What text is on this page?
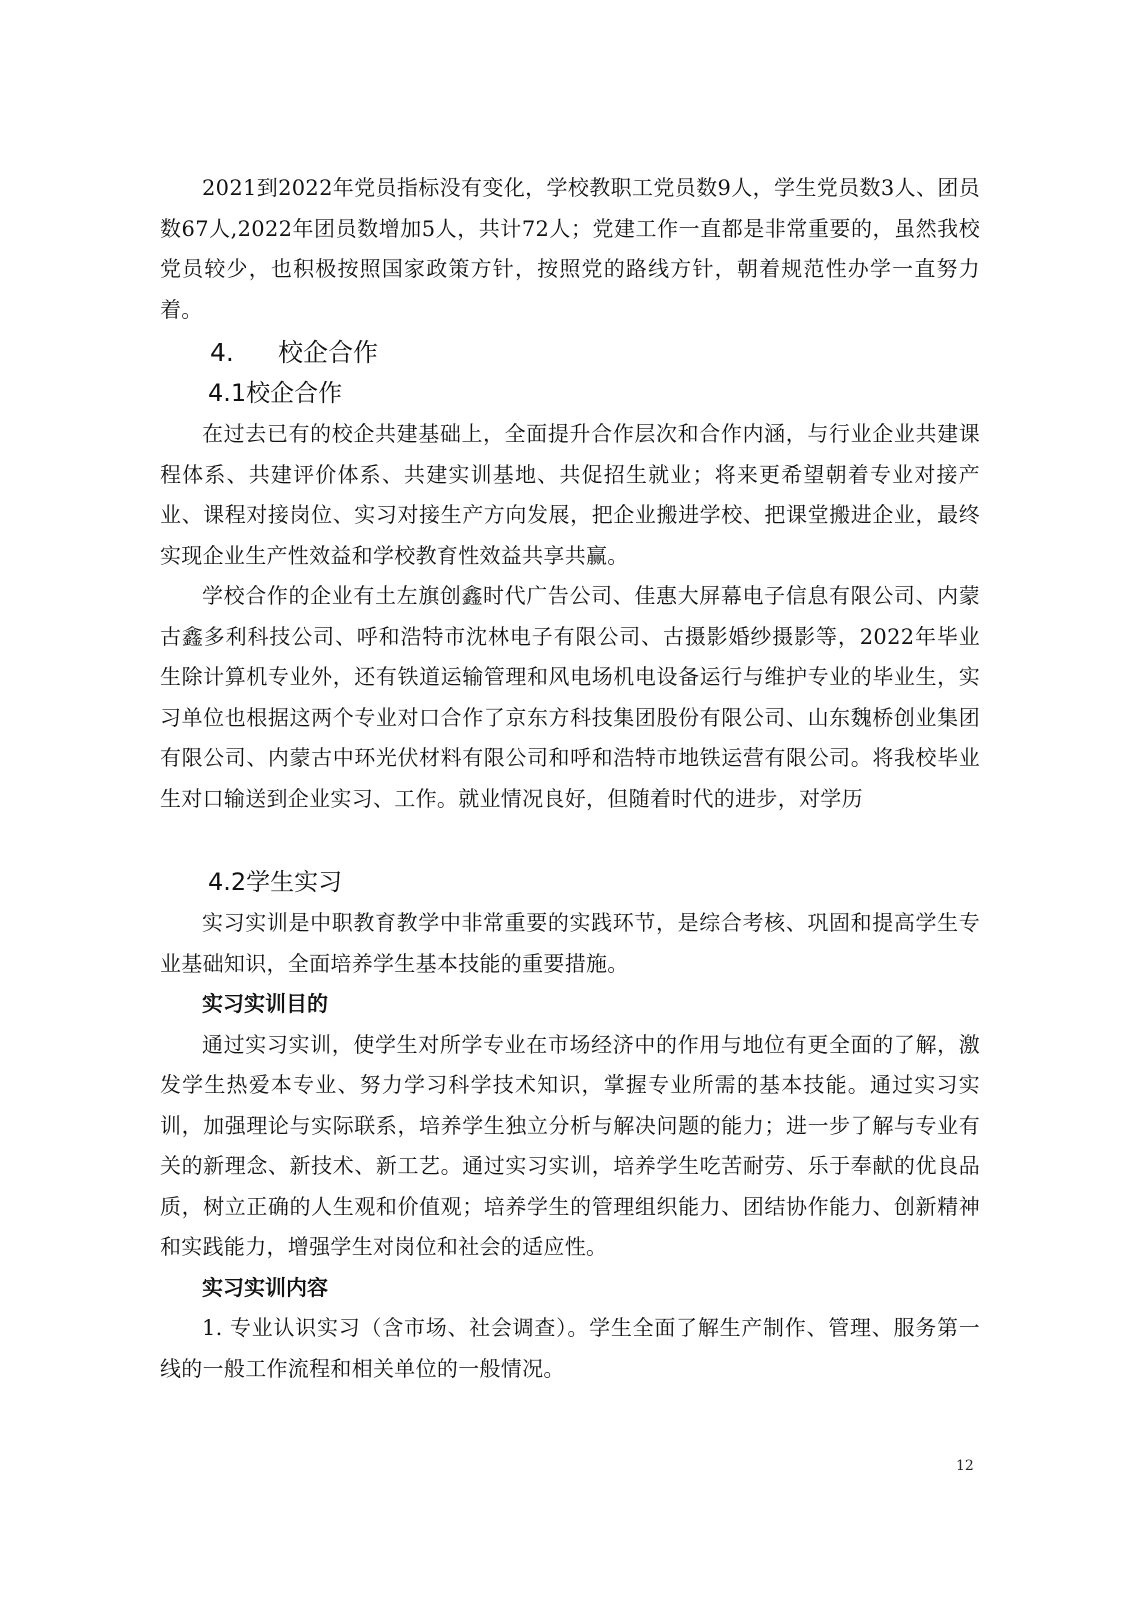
2021到2022年党员指标没有变化，学校教职工党员数9人，学生党员数3人、团员数67人,2022年团员数增加5人，共计72人；党建工作一直都是非常重要的，虽然我校党员较少，也积极按照国家政策方针，按照党的路线方针，朝着规范性办学一直努力着。

4.	校企合作
4.1校企合作

在过去已有的校企共建基础上，全面提升合作层次和合作内涵，与行业企业共建课程体系、共建评价体系、共建实训基地、共促招生就业；将来更希望朝着专业对接产业、课程对接岗位、实习对接生产方向发展，把企业搬进学校、把课堂搬进企业，最终实现企业生产性效益和学校教育性效益共享共赢。

学校合作的企业有土左旗创鑫时代广告公司、佳惠大屏幕电子信息有限公司、内蒙古鑫多利科技公司、呼和浩特市沈林电子有限公司、古摄影婚纱摄影等，2022年毕业生除计算机专业外，还有铁道运输管理和风电场机电设备运行与维护专业的毕业生，实习单位也根据这两个专业对口合作了京东方科技集团股份有限公司、山东魏桥创业集团有限公司、内蒙古中环光伏材料有限公司和呼和浩特市地铁运营有限公司。将我校毕业生对口输送到企业实习、工作。就业情况良好，但随着时代的进步，对学历

4.2学生实习

实习实训是中职教育教学中非常重要的实践环节，是综合考核、巩固和提高学生专业基础知识，全面培养学生基本技能的重要措施。

实习实训目的

通过实习实训，使学生对所学专业在市场经济中的作用与地位有更全面的了解，激发学生热爱本专业、努力学习科学技术知识，掌握专业所需的基本技能。通过实习实训，加强理论与实际联系，培养学生独立分析与解决问题的能力；进一步了解与专业有关的新理念、新技术、新工艺。通过实习实训，培养学生吃苦耐劳、乐于奉献的优良品质，树立正确的人生观和价值观；培养学生的管理组织能力、团结协作能力、创新精神和实践能力，增强学生对岗位和社会的适应性。

实习实训内容

1. 专业认识实习（含市场、社会调查）。学生全面了解生产制作、管理、服务第一线的一般工作流程和相关单位的一般情况。

12
